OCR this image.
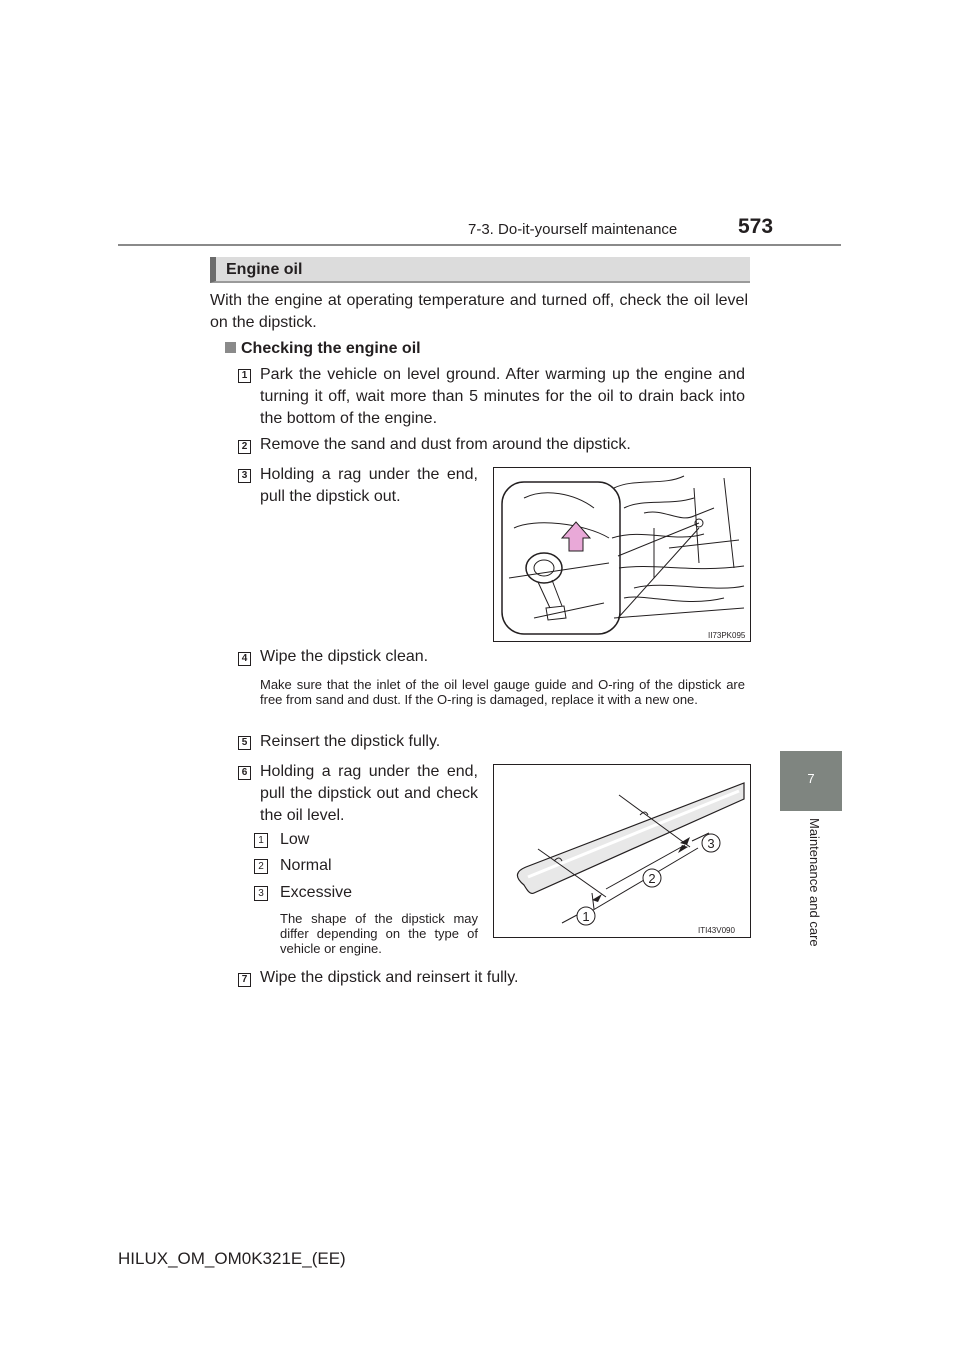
7-3. Do-it-yourself maintenance	573
7
Maintenance and care
Engine oil
With the engine at operating temperature and turned off, check the oil level on the dipstick.
Checking the engine oil
1 Park the vehicle on level ground. After warming up the engine and turning it off, wait more than 5 minutes for the oil to drain back into the bottom of the engine.
2 Remove the sand and dust from around the dipstick.
3 Holding a rag under the end, pull the dipstick out.
II73PK095
4 Wipe the dipstick clean.
Make sure that the inlet of the oil level gauge guide and O-ring of the dipstick are free from sand and dust. If the O-ring is damaged, replace it with a new one.
5 Reinsert the dipstick fully.
6 Holding a rag under the end, pull the dipstick out and check the oil level.
1 Low
2 Normal
3 Excessive
The shape of the dipstick may differ depending on the type of vehicle or engine.
1
2
3
ITI43V090
7 Wipe the dipstick and reinsert it fully.
HILUX_OM_OM0K321E_(EE)
